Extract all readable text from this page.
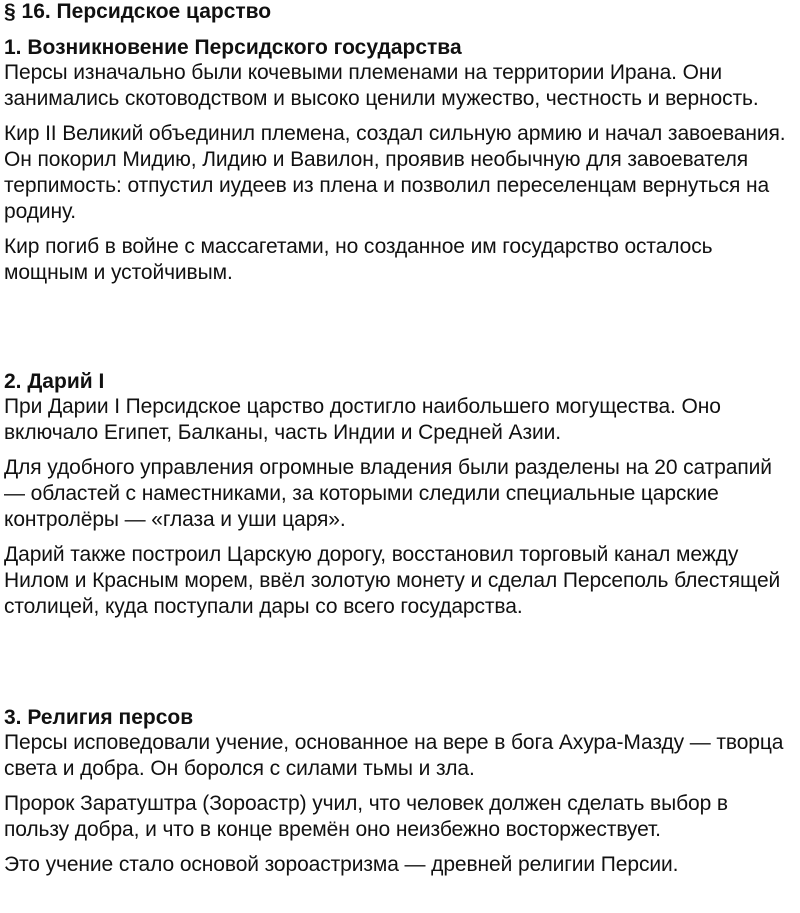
§ 16. Персидское царство
1. Возникновение Персидского государства

Персы изначально были кочевыми племенами на территории Ирана. Они занимались скотоводством и высоко ценили мужество, честность и верность.

Кир II Великий объединил племена, создал сильную армию и начал завоевания. Он покорил Мидию, Лидию и Вавилон, проявив необычную для завоевателя терпимость: отпустил иудеев из плена и позволил переселенцам вернуться на родину.

Кир погиб в войне с массагетами, но созданное им государство осталось мощным и устойчивым.

2. Дарий I

При Дарии I Персидское царство достигло наибольшего могущества. Оно включало Египет, Балканы, часть Индии и Средней Азии.

Для удобного управления огромные владения были разделены на 20 сатрапий — областей с наместниками, за которыми следили специальные царские контролёры — «глаза и уши царя».

Дарий также построил Царскую дорогу, восстановил торговый канал между Нилом и Красным морем, ввёл золотую монету и сделал Персеполь блестящей столицей, куда поступали дары со всего государства.

3. Религия персов

Персы исповедовали учение, основанное на вере в бога Ахура-Мазду — творца света и добра. Он боролся с силами тьмы и зла.

Пророк Заратуштра (Зороастр) учил, что человек должен сделать выбор в пользу добра, и что в конце времён оно неизбежно восторжествует.

Это учение стало основой зороастризма — древней религии Персии.
